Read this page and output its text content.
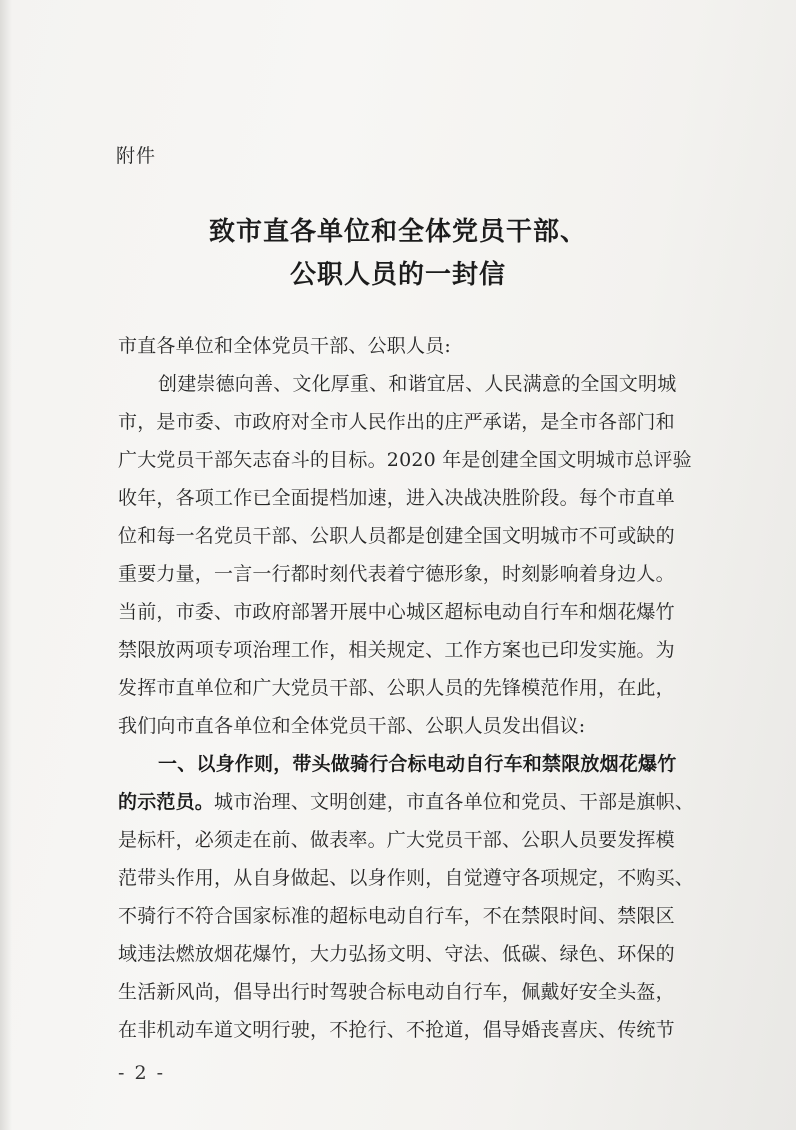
附件

致市直各单位和全体党员干部、
公职人员的一封信

市直各单位和全体党员干部、公职人员:

创建崇德向善、文化厚重、和谐宜居、人民满意的全国文明城

市，是市委、市政府对全市人民作出的庄严承诺，是全市各部门和

广大党员干部矢志奋斗的目标。2020 年是创建全国文明城市总评验

收年，各项工作已全面提档加速，进入决战决胜阶段。每个市直单

位和每一名党员干部、公职人员都是创建全国文明城市不可或缺的

重要力量，一言一行都时刻代表着宁德形象，时刻影响着身边人。

当前，市委、市政府部署开展中心城区超标电动自行车和烟花爆竹

禁限放两项专项治理工作，相关规定、工作方案也已印发实施。为

发挥市直单位和广大党员干部、公职人员的先锋模范作用，在此，

我们向市直各单位和全体党员干部、公职人员发出倡议:

一、以身作则，带头做骑行合标电动自行车和禁限放烟花爆竹

的示范员。城市治理、文明创建，市直各单位和党员、干部是旗帜、

是标杆，必须走在前、做表率。广大党员干部、公职人员要发挥模

范带头作用，从自身做起、以身作则，自觉遵守各项规定，不购买、

不骑行不符合国家标准的超标电动自行车，不在禁限时间、禁限区

域违法燃放烟花爆竹，大力弘扬文明、守法、低碳、绿色、环保的

生活新风尚，倡导出行时驾驶合标电动自行车，佩戴好安全头盔，

在非机动车道文明行驶，不抢行、不抢道，倡导婚丧喜庆、传统节

- 2 -
